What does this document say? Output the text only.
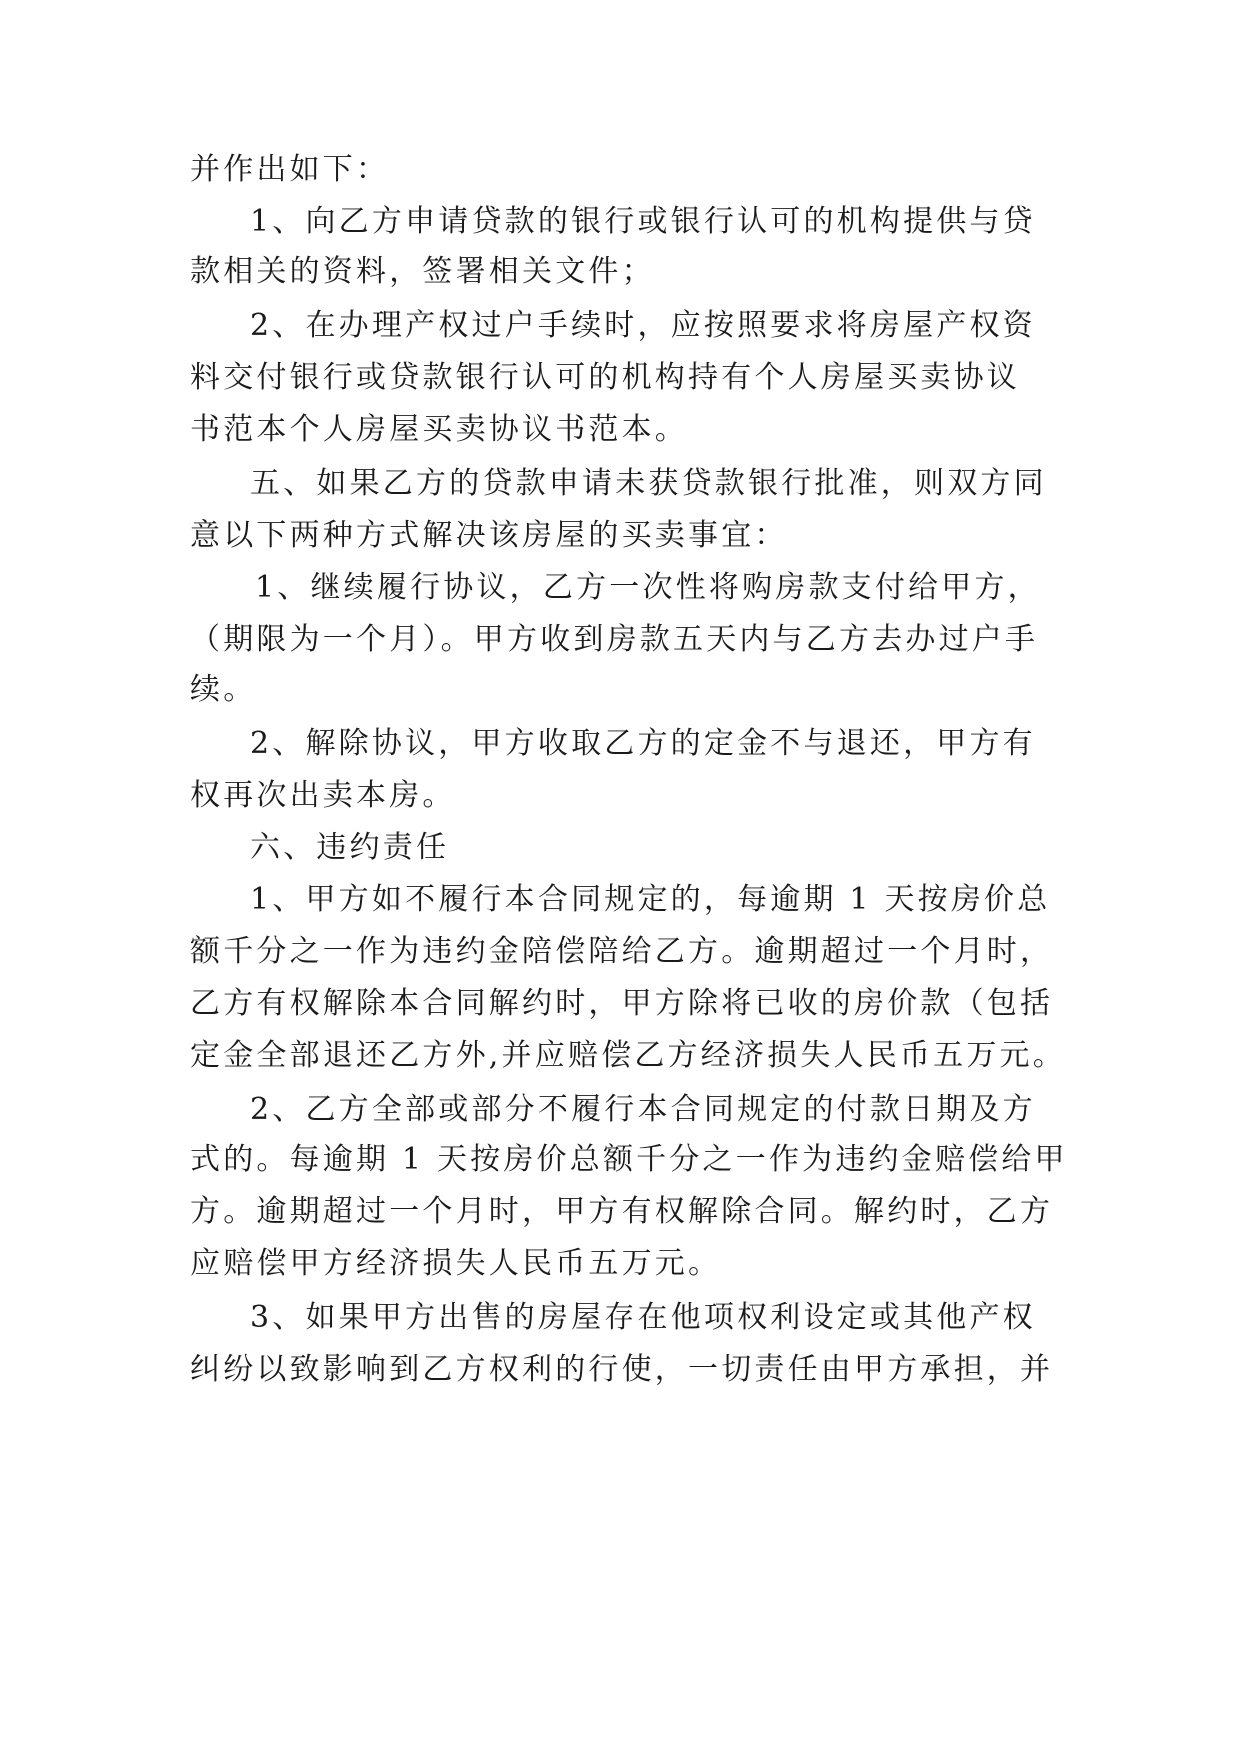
并作出如下：
1、向乙方申请贷款的银行或银行认可的机构提供与贷
款相关的资料，签署相关文件；
2、在办理产权过户手续时，应按照要求将房屋产权资
料交付银行或贷款银行认可的机构持有个人房屋买卖协议
书范本个人房屋买卖协议书范本。
五、如果乙方的贷款申请未获贷款银行批准，则双方同
意以下两种方式解决该房屋的买卖事宜：
1、继续履行协议，乙方一次性将购房款支付给甲方，
（期限为一个月）。甲方收到房款五天内与乙方去办过户手
续。
2、解除协议，甲方收取乙方的定金不与退还，甲方有
权再次出卖本房。
六、违约责任
1、甲方如不履行本合同规定的，每逾期 1 天按房价总
额千分之一作为违约金陪偿陪给乙方。逾期超过一个月时，
乙方有权解除本合同解约时，甲方除将已收的房价款（包括
定金全部退还乙方外,并应赔偿乙方经济损失人民币五万元。
2、乙方全部或部分不履行本合同规定的付款日期及方
式的。每逾期 1 天按房价总额千分之一作为违约金赔偿给甲
方。逾期超过一个月时，甲方有权解除合同。解约时，乙方
应赔偿甲方经济损失人民币五万元。
3、如果甲方出售的房屋存在他项权利设定或其他产权
纠纷以致影响到乙方权利的行使，一切责任由甲方承担，并
